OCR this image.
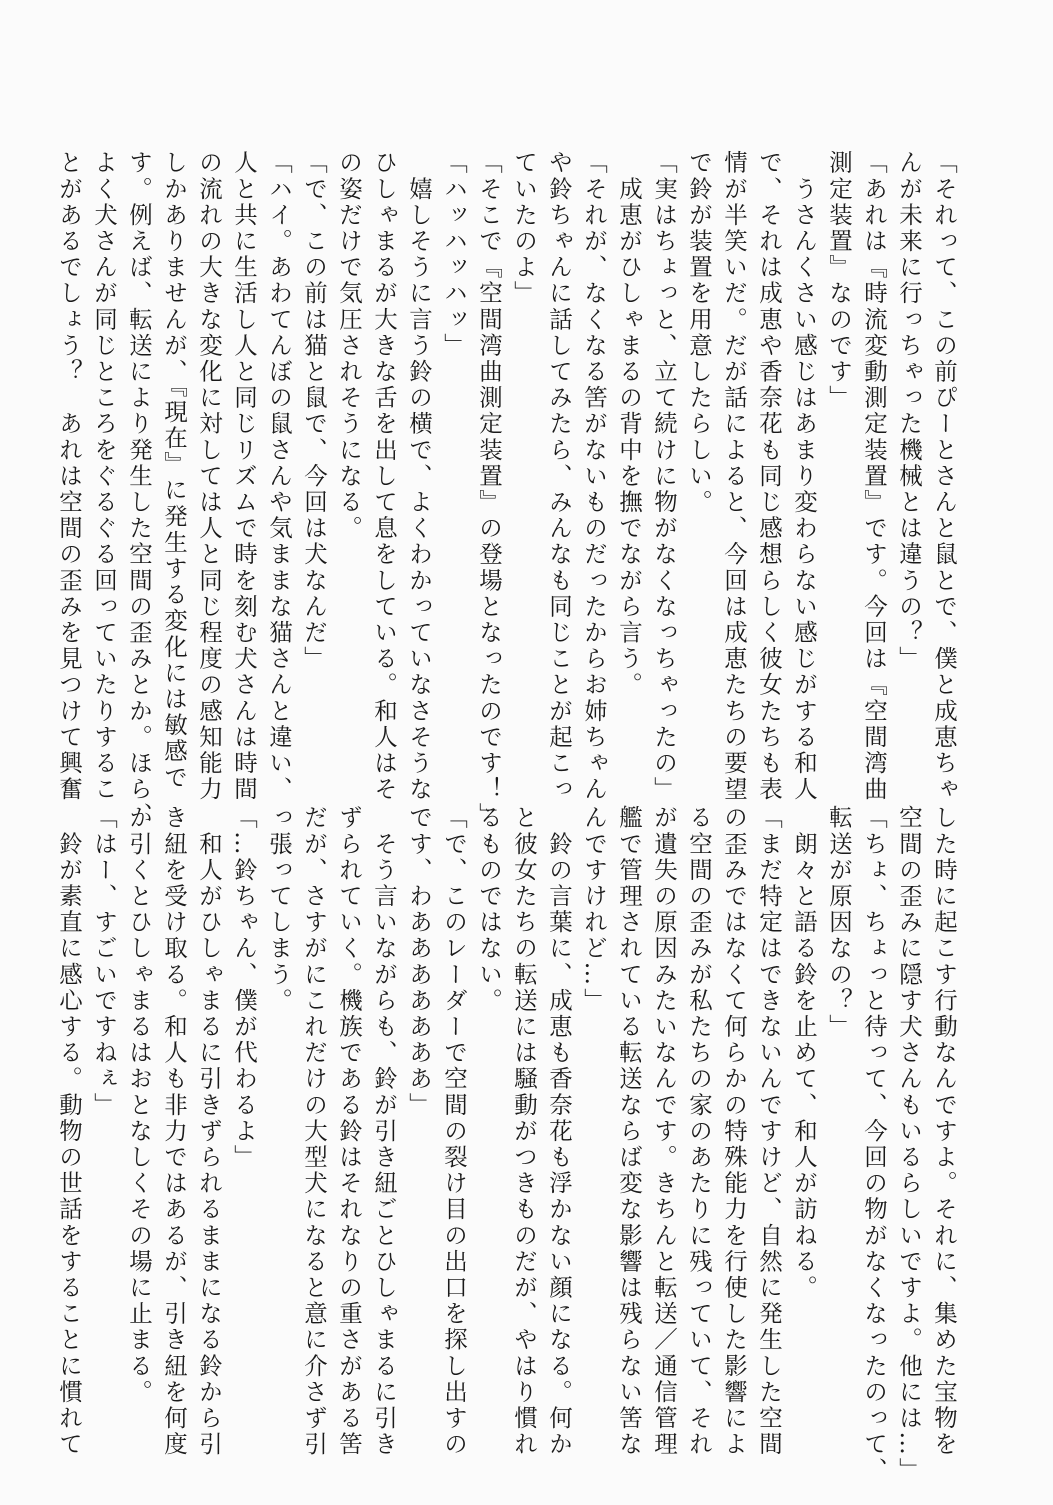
「それって、この前ぴーとさんと鼠とで、僕と成恵ちゃ
んが未来に行っちゃった機械とは違うの？」
「あれは『時流変動測定装置』です。今回は『空間湾曲
測定装置』なのです」
　うさんくさい感じはあまり変わらない感じがする和人
で、それは成恵や香奈花も同じ感想らしく彼女たちも表
情が半笑いだ。だが話によると、今回は成恵たちの要望
で鈴が装置を用意したらしい。
「実はちょっと、立て続けに物がなくなっちゃったの」
　成恵がひしゃまるの背中を撫でながら言う。
「それが、なくなる筈がないものだったからお姉ちゃん
や鈴ちゃんに話してみたら、みんなも同じことが起こっ
ていたのよ」
「そこで『空間湾曲測定装置』の登場となったのです！」
「ハッハッハッ」
　嬉しそうに言う鈴の横で、よくわかっていなさそうな
ひしゃまるが大きな舌を出して息をしている。和人はそ
の姿だけで気圧されそうになる。
「で、この前は猫と鼠で、今回は犬なんだ」
「ハイ。あわてんぼの鼠さんや気ままな猫さんと違い、
人と共に生活し人と同じリズムで時を刻む犬さんは時間
の流れの大きな変化に対しては人と同じ程度の感知能力
しかありませんが、『現在』に発生する変化には敏感で
す。例えば、転送により発生した空間の歪みとか。ほら、
よく犬さんが同じところをぐるぐる回っていたりするこ
とがあるでしょう？　あれは空間の歪みを見つけて興奮
した時に起こす行動なんですよ。それに、集めた宝物を
空間の歪みに隠す犬さんもいるらしいですよ。他には…」
「ちょ、ちょっと待って、今回の物がなくなったのって、
転送が原因なの？」
　朗々と語る鈴を止めて、和人が訪ねる。
「まだ特定はできないんですけど、自然に発生した空間
の歪みではなくて何らかの特殊能力を行使した影響によ
る空間の歪みが私たちの家のあたりに残っていて、それ
が遺失の原因みたいなんです。きちんと転送／通信管理
艦で管理されている転送ならば変な影響は残らない筈な
んですけれど…」
　鈴の言葉に、成恵も香奈花も浮かない顔になる。何か
と彼女たちの転送には騒動がつきものだが、やはり慣れ
るものではない。
「で、このレーダーで空間の裂け目の出口を探し出すの
です、わあああああああ」
　そう言いながらも、鈴が引き紐ごとひしゃまるに引き
ずられていく。機族である鈴はそれなりの重さがある筈
だが、さすがにこれだけの大型犬になると意に介さず引
っ張ってしまう。
「…鈴ちゃん、僕が代わるよ」
　和人がひしゃまるに引きずられるままになる鈴から引
き紐を受け取る。和人も非力ではあるが、引き紐を何度
か引くとひしゃまるはおとなしくその場に止まる。
「はー、すごいですねぇ」
　鈴が素直に感心する。動物の世話をすることに慣れて
